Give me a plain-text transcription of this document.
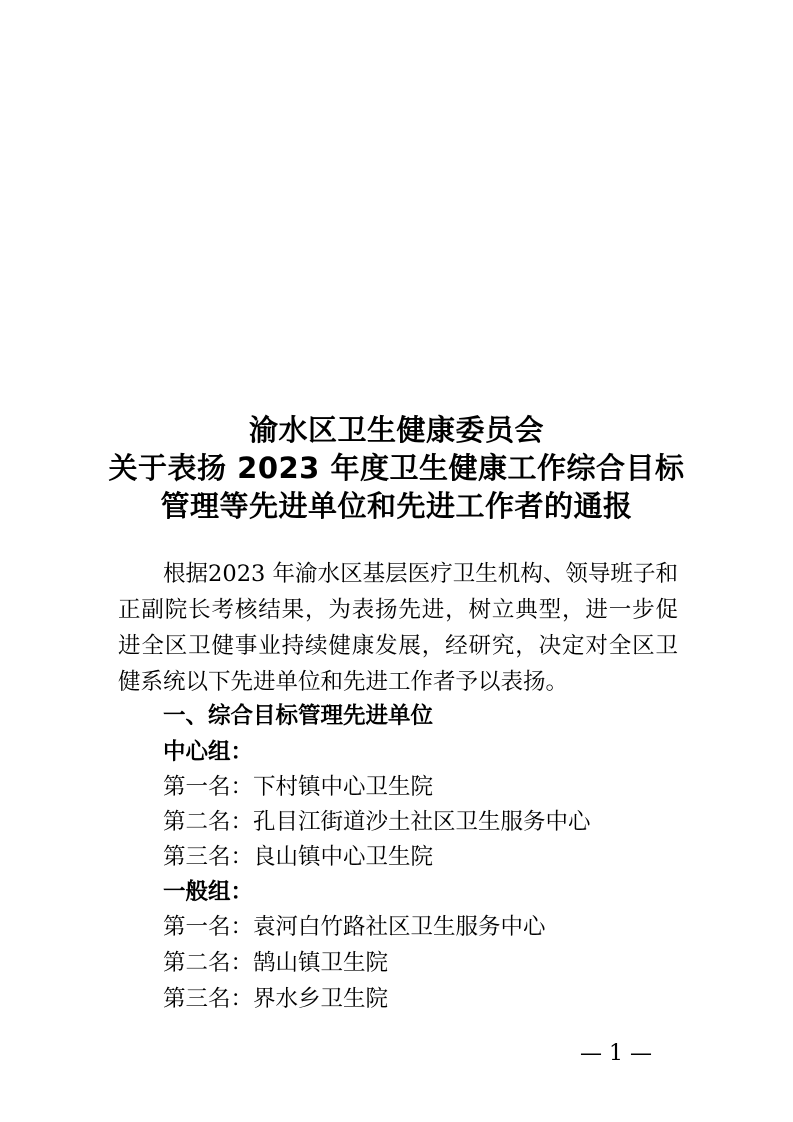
渝水区卫生健康委员会
关于表扬 2023 年度卫生健康工作综合目标
管理等先进单位和先进工作者的通报

根据2023 年渝水区基层医疗卫生机构、领导班子和正副院长考核结果，为表扬先进，树立典型，进一步促进全区卫健事业持续健康发展，经研究，决定对全区卫健系统以下先进单位和先进工作者予以表扬。

一、综合目标管理先进单位

中心组：

第一名：下村镇中心卫生院

第二名：孔目江街道沙土社区卫生服务中心

第三名：良山镇中心卫生院

一般组：

第一名：袁河白竹路社区卫生服务中心

第二名：鹄山镇卫生院

第三名：界水乡卫生院

— 1 —
